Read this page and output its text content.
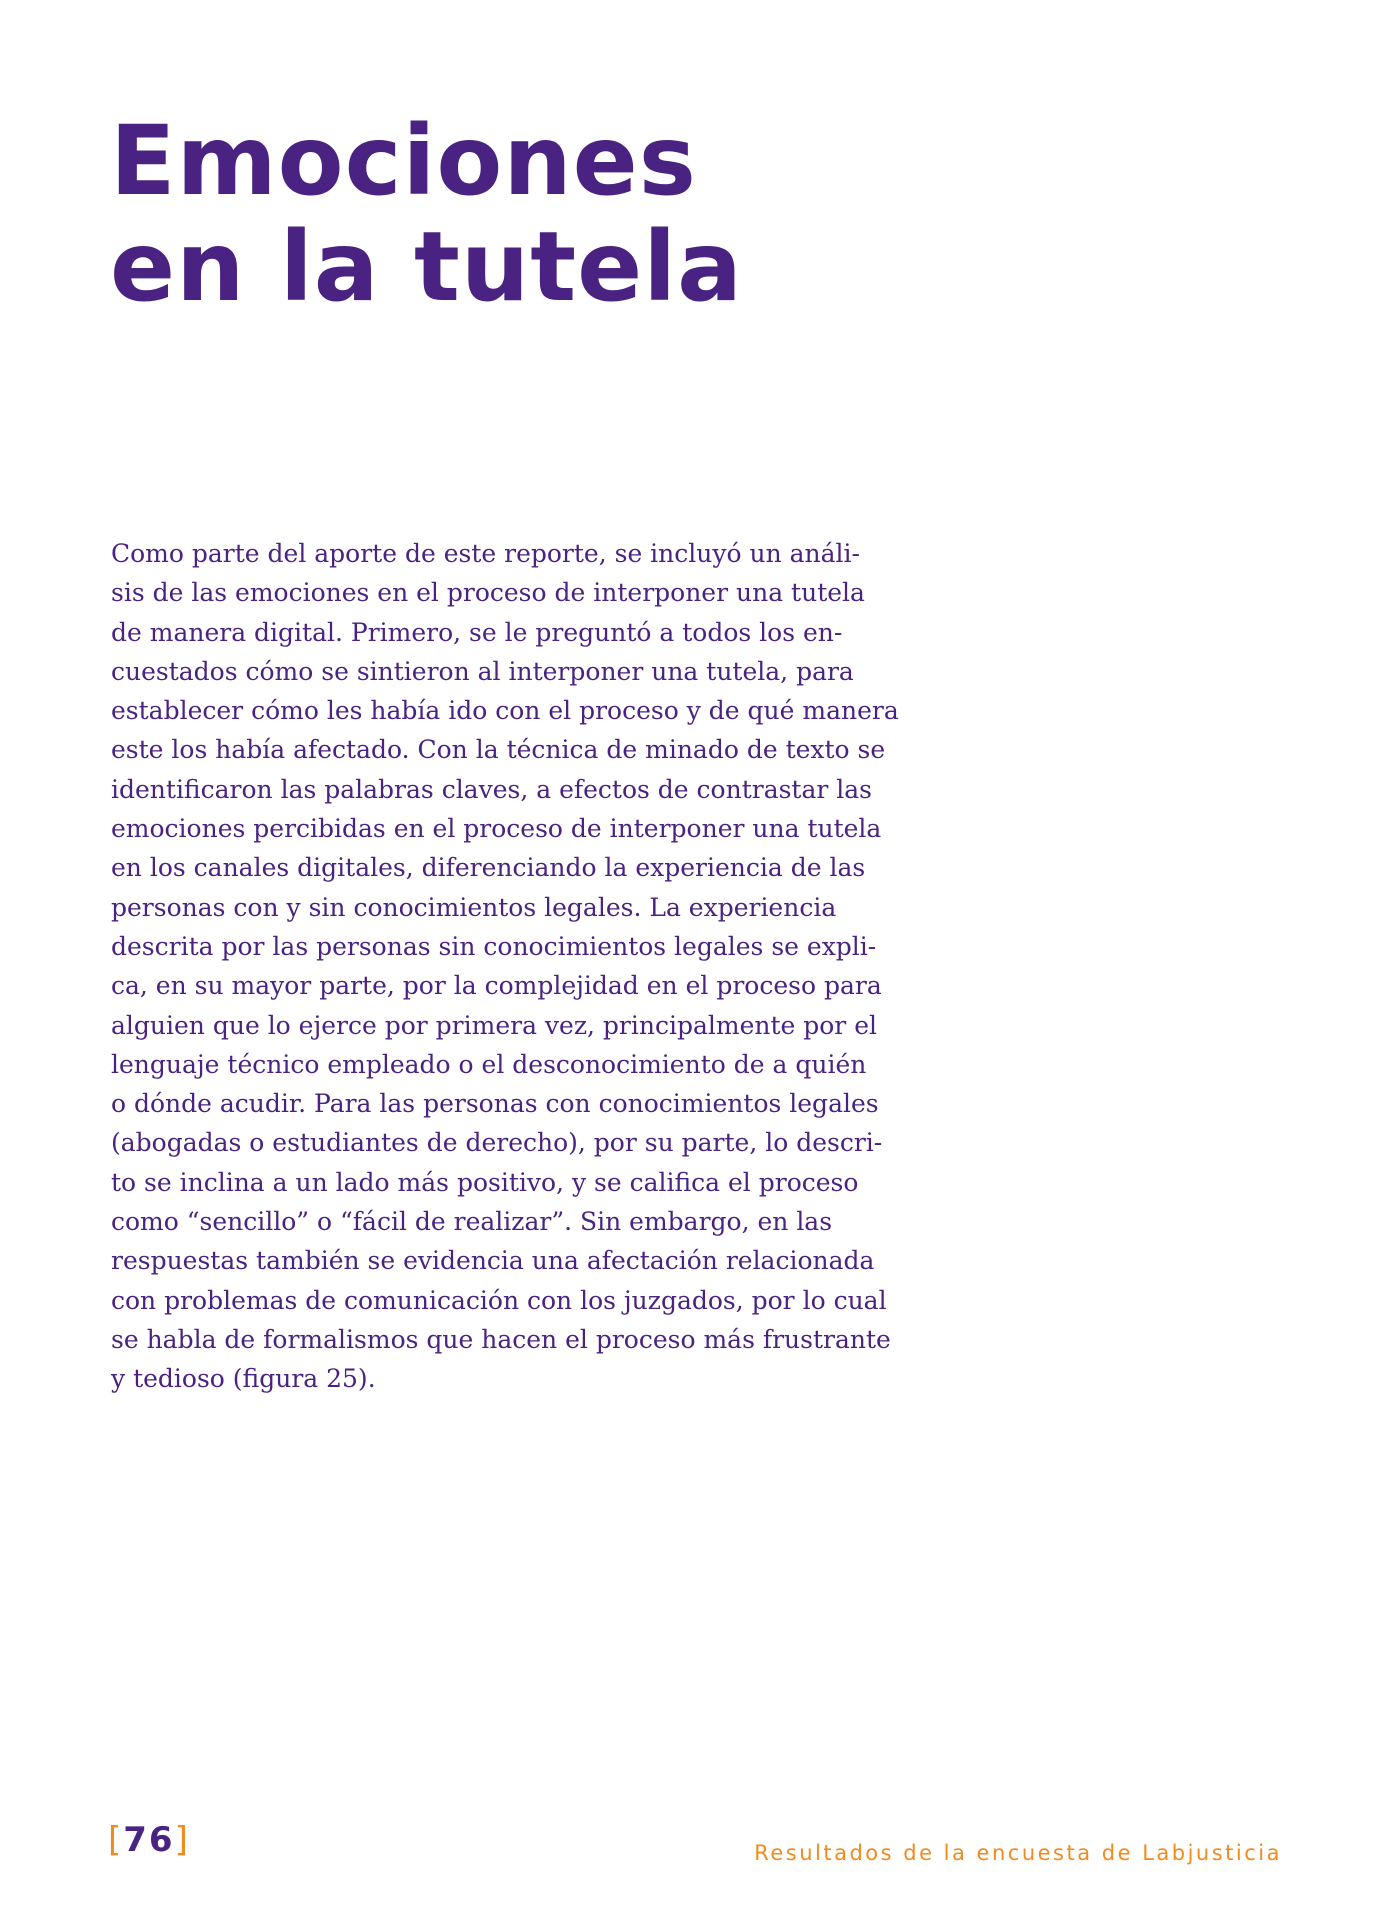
Emociones
en la tutela
Como parte del aporte de este reporte, se incluyó un análi-
sis de las emociones en el proceso de interponer una tutela
de manera digital. Primero, se le preguntó a todos los en-
cuestados cómo se sintieron al interponer una tutela, para
establecer cómo les había ido con el proceso y de qué manera
este los había afectado. Con la técnica de minado de texto se
identificaron las palabras claves, a efectos de contrastar las
emociones percibidas en el proceso de interponer una tutela
en los canales digitales, diferenciando la experiencia de las
personas con y sin conocimientos legales. La experiencia
descrita por las personas sin conocimientos legales se expli-
ca, en su mayor parte, por la complejidad en el proceso para
alguien que lo ejerce por primera vez, principalmente por el
lenguaje técnico empleado o el desconocimiento de a quién
o dónde acudir. Para las personas con conocimientos legales
(abogadas o estudiantes de derecho), por su parte, lo descri-
to se inclina a un lado más positivo, y se califica el proceso
como “sencillo” o “fácil de realizar”. Sin embargo, en las
respuestas también se evidencia una afectación relacionada
con problemas de comunicación con los juzgados, por lo cual
se habla de formalismos que hacen el proceso más frustrante
y tedioso (figura 25).
[76]	Resultados de la encuesta de Labjusticia
